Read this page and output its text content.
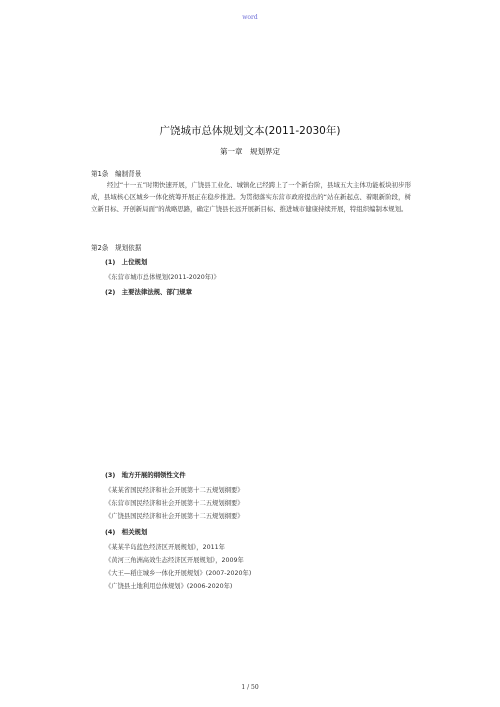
word
广饶城市总体规划文本(2011-2030年)
第一章　规划界定
第1条　编制背景
经过“十一五”时期快速开展，广饶县工业化、城镇化已经跨上了一个新台阶，县域五大主体功能板块初步形成，县域核心区城乡一体化统筹开展正在稳步推进。为贯彻落实东营市政府提出的“站在新起点、着眼新阶段，树立新目标、开创新局面”的战略思路，确定广饶县长远开展新目标、推进城市健康持续开展，特组织编制本规划。
第2条　规划依据
(1)　上位规划
《东营市城市总体规划(2011-2020年)》
(2)　主要法律法规、部门规章
(3)　地方开展的纲领性文件
《某某省国民经济和社会开展第十二五规划纲要》
《东营市国民经济和社会开展第十二五规划纲要》
《广饶县国民经济和社会开展第十二五规划纲要》
(4)　相关规划
《某某半岛蓝色经济区开展规划》，2011年
《黄河三角洲高效生态经济区开展规划》，2009年
《大王—稻庄城乡一体化开展规划》(2007-2020年)
《广饶县土地利用总体规划》(2006-2020年)
1 / 50
